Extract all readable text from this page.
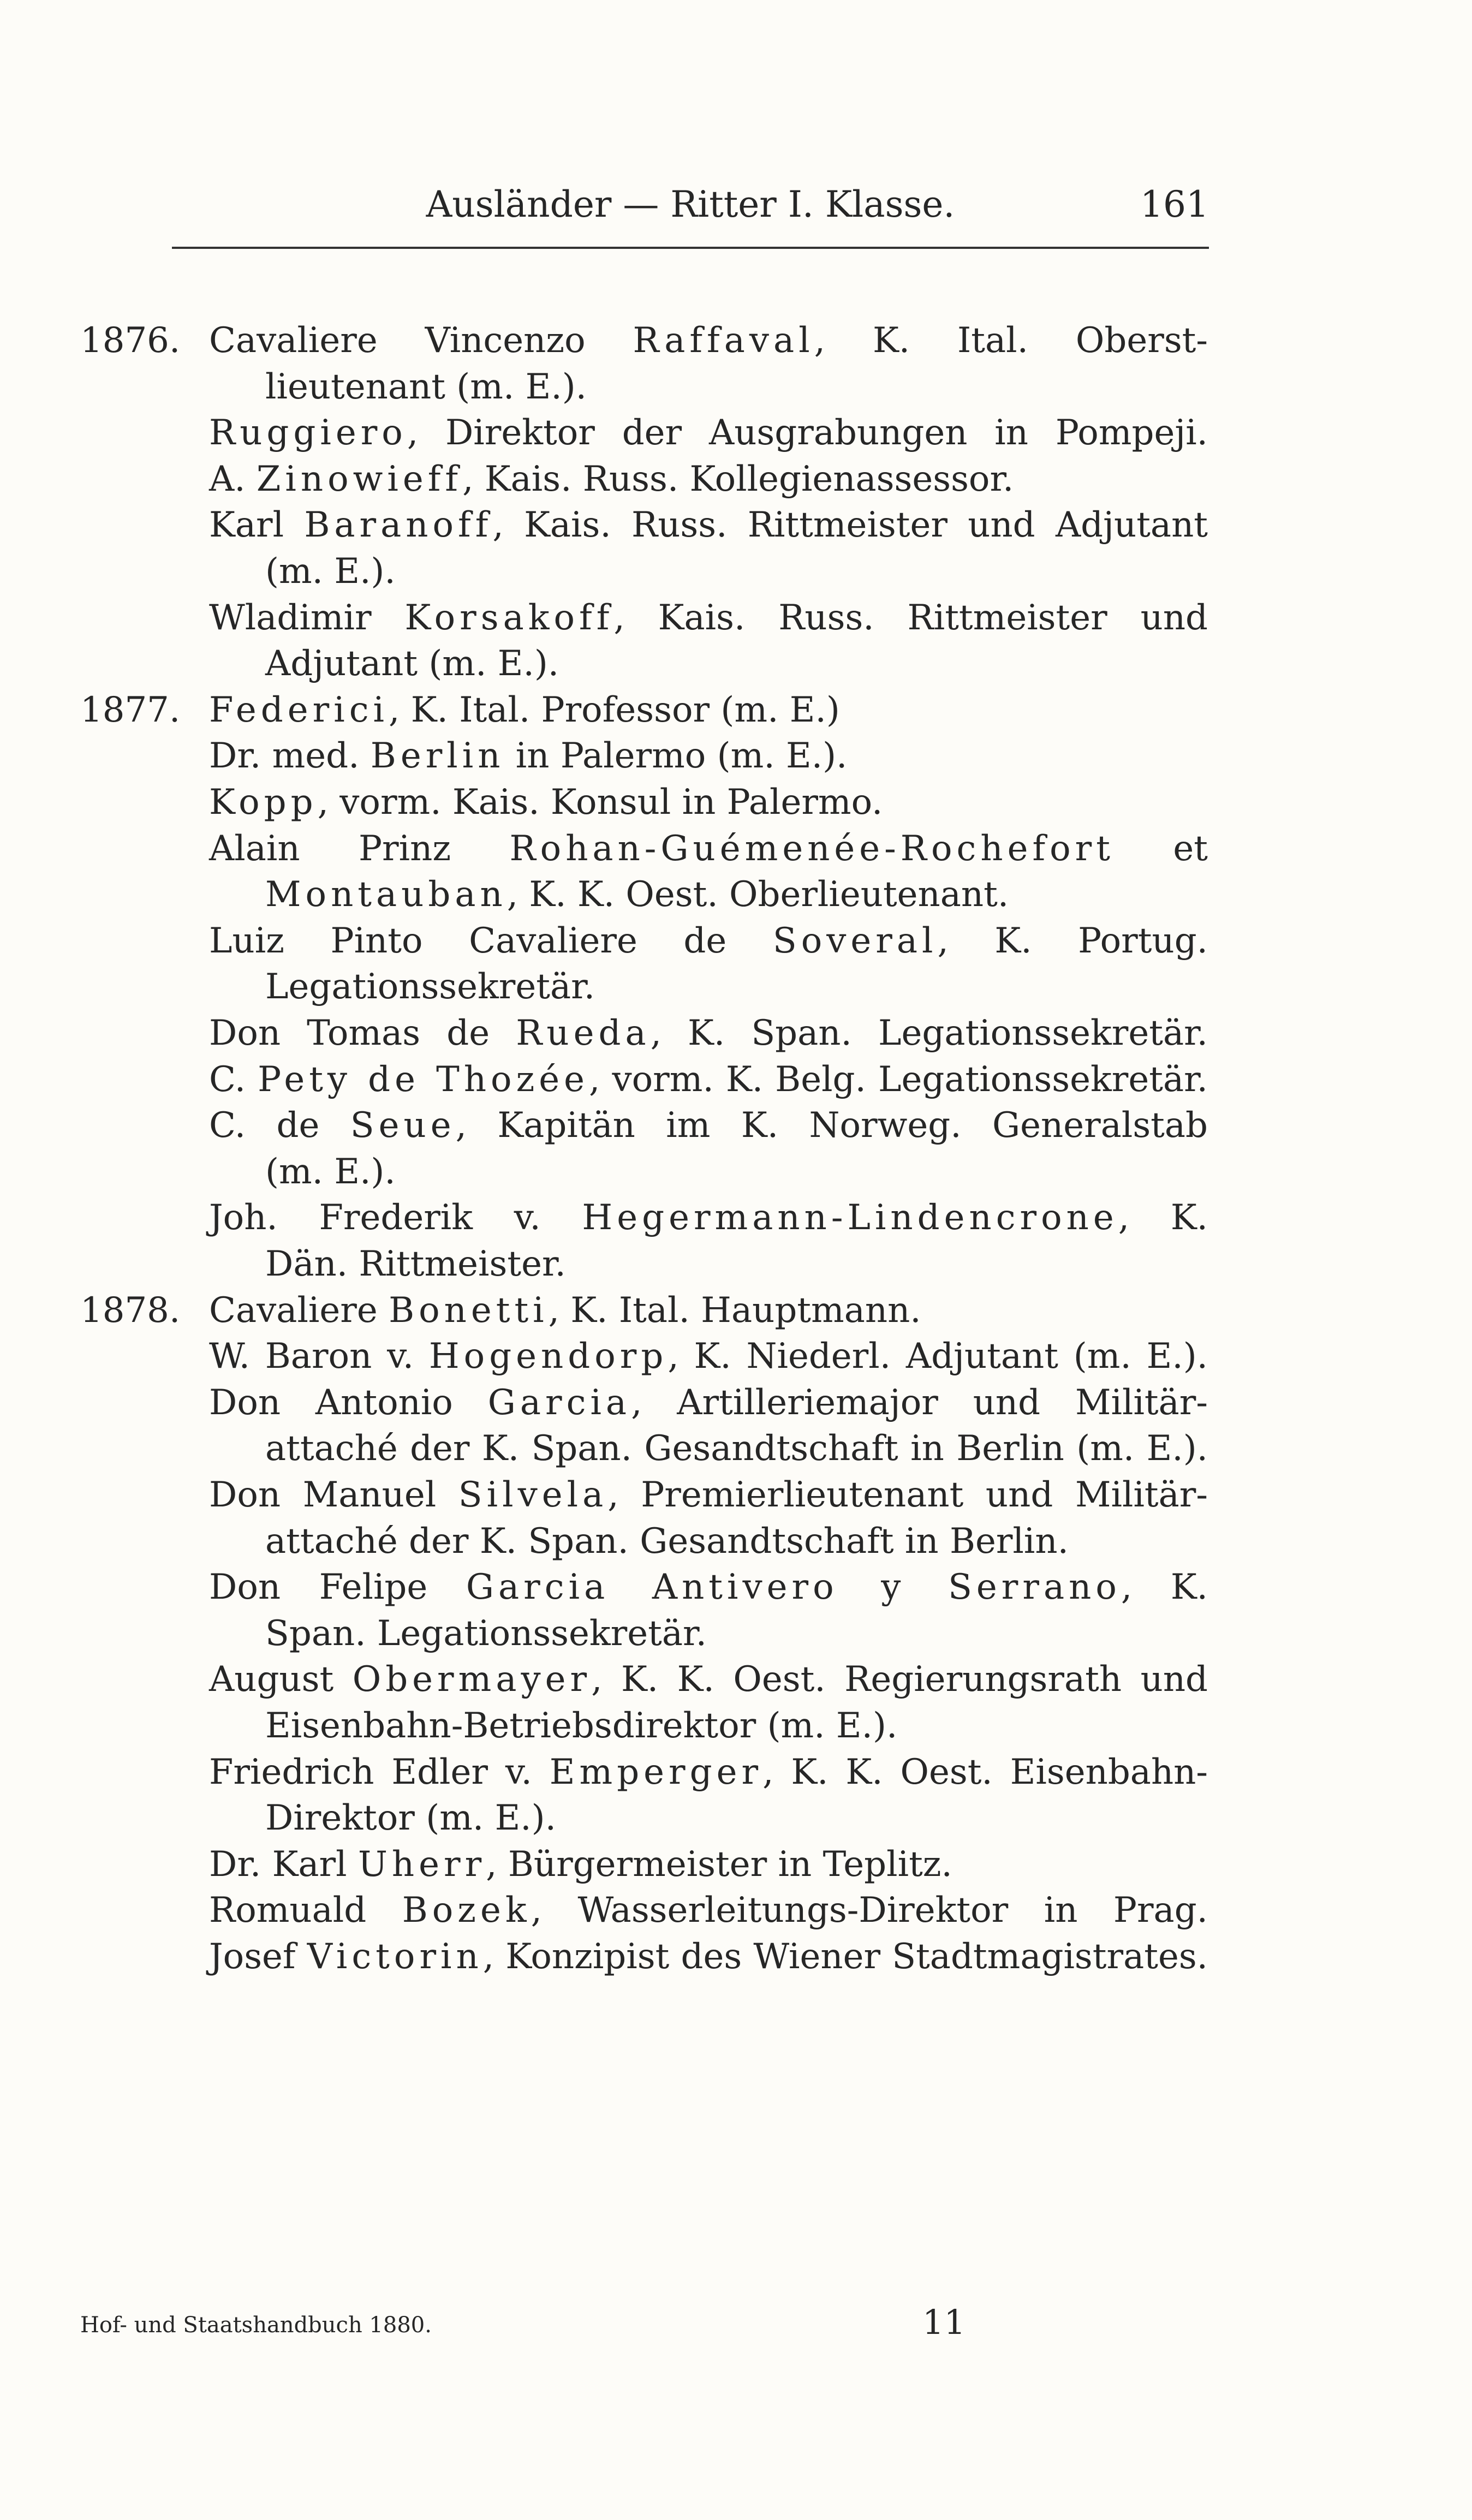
Ausländer — Ritter I. Klasse.	161
1876. Cavaliere Vincenzo Raffaval, K. Ital. Oberst-
lieutenant (m. E.).
Ruggiero, Direktor der Ausgrabungen in Pompeji.
A. Zinowieff, Kais. Russ. Kollegienassessor.
Karl Baranoff, Kais. Russ. Rittmeister und Adjutant
(m. E.).
Wladimir Korsakoff, Kais. Russ. Rittmeister und
Adjutant (m. E.).
1877. Federici, K. Ital. Professor (m. E.)
Dr. med. Berlin in Palermo (m. E.).
Kopp, vorm. Kais. Konsul in Palermo.
Alain Prinz Rohan-Guémenée-Rochefort et
Montauban, K. K. Oest. Oberlieutenant.
Luiz Pinto Cavaliere de Soveral, K. Portug.
Legationssekretär.
Don Tomas de Rueda, K. Span. Legationssekretär.
C. Pety de Thozée, vorm. K. Belg. Legationssekretär.
C. de Seue, Kapitän im K. Norweg. Generalstab
(m. E.).
Joh. Frederik v. Hegermann-Lindencrone, K.
Dän. Rittmeister.
1878. Cavaliere Bonetti, K. Ital. Hauptmann.
W. Baron v. Hogendorp, K. Niederl. Adjutant (m. E.).
Don Antonio Garcia, Artilleriemajor und Militär-
attaché der K. Span. Gesandtschaft in Berlin (m. E.).
Don Manuel Silvela, Premierlieutenant und Militär-
attaché der K. Span. Gesandtschaft in Berlin.
Don Felipe Garcia Antivero y Serrano, K.
Span. Legationssekretär.
August Obermayer, K. K. Oest. Regierungsrath und
Eisenbahn-Betriebsdirektor (m. E.).
Friedrich Edler v. Emperger, K. K. Oest. Eisenbahn-
Direktor (m. E.).
Dr. Karl Uherr, Bürgermeister in Teplitz.
Romuald Bozek, Wasserleitungs-Direktor in Prag.
Josef Victorin, Konzipist des Wiener Stadtmagistrates.
Hof- und Staatshandbuch 1880.	11
